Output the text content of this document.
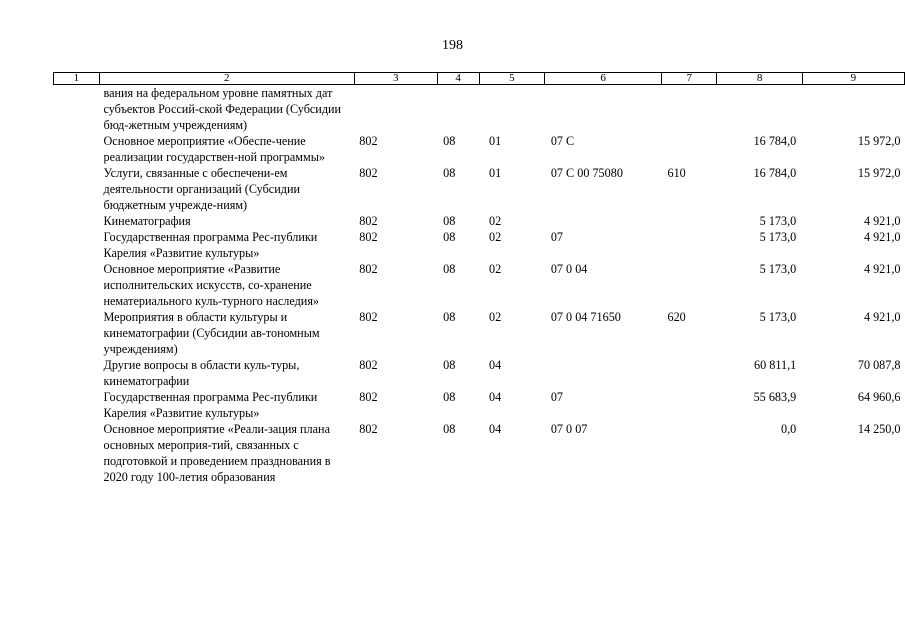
198
1	2	3	4	5	6	7	8	9
вания на федеральном уровне памятных дат субъектов Россий-ской Федерации (Субсидии бюд-жетным учреждениям)								
Основное мероприятие «Обеспе-чение реализации государствен-ной программы»		802	08	01	07 С		16 784,0	15 972,0
Услуги, связанные с обеспечени-ем деятельности организаций (Субсидии бюджетным учрежде-ниям)		802	08	01	07 С 00 75080	610	16 784,0	15 972,0
Кинематография		802	08	02			5 173,0	4 921,0
Государственная программа Рес-публики Карелия «Развитие культуры»		802	08	02	07		5 173,0	4 921,0
Основное мероприятие «Развитие исполнительских искусств, со-хранение нематериального куль-турного наследия»		802	08	02	07 0 04		5 173,0	4 921,0
Мероприятия в области культуры и кинематографии (Субсидии ав-тономным учреждениям)		802	08	02	07 0 04 71650	620	5 173,0	4 921,0
Другие вопросы в области куль-туры, кинематографии		802	08	04			60 811,1	70 087,8
Государственная программа Рес-публики Карелия «Развитие культуры»		802	08	04	07		55 683,9	64 960,6
Основное мероприятие «Реали-зация плана основных мероприя-тий, связанных с подготовкой и проведением празднования в 2020 году 100-летия образования		802	08	04	07 0 07		0,0	14 250,0
